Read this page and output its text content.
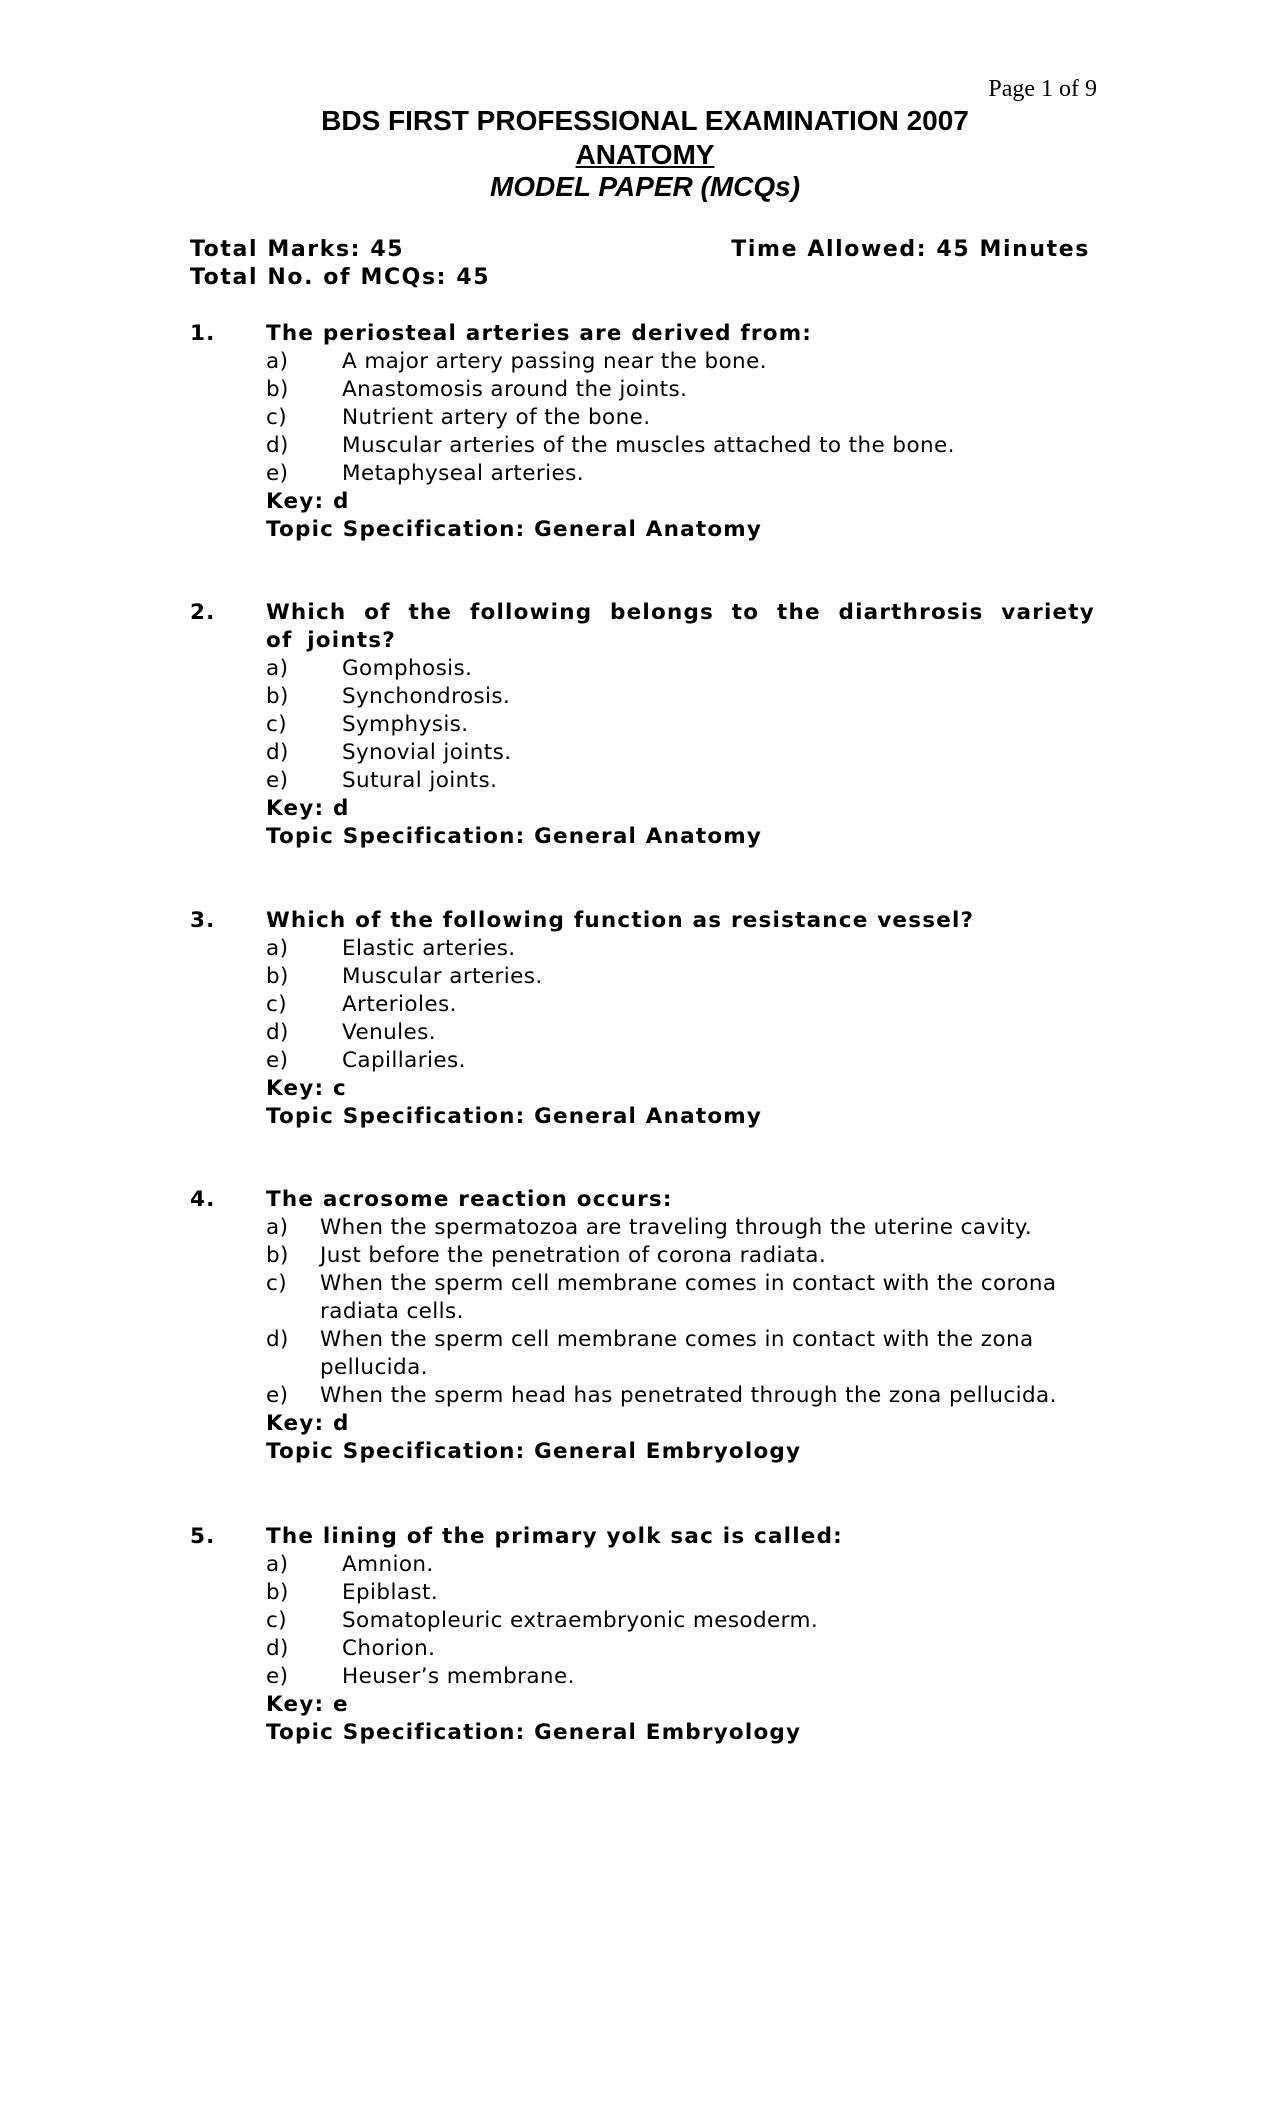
Page 1 of 9
BDS FIRST PROFESSIONAL EXAMINATION 2007
ANATOMY
MODEL PAPER (MCQs)
Total Marks: 45	Time Allowed: 45 Minutes
Total No. of MCQs: 45
1. The periosteal arteries are derived from:
a) A major artery passing near the bone.
b) Anastomosis around the joints.
c)	Nutrient artery of the bone.
d) Muscular arteries of the muscles attached to the bone.
e) Metaphyseal arteries.
Key: d
Topic Specification: General Anatomy
2. Which of the following belongs to the diarthrosis variety of joints?
a) Gomphosis.
b) Synchondrosis.
c)	Symphysis.
d) Synovial joints.
e) Sutural joints.
Key: d
Topic Specification: General Anatomy
3. Which of the following function as resistance vessel?
a) Elastic arteries.
b) Muscular arteries.
c)	Arterioles.
d) Venules.
e) Capillaries.
Key: c
Topic Specification: General Anatomy
4. The acrosome reaction occurs:
a) When the spermatozoa are traveling through the uterine cavity.
b) Just before the penetration of corona radiata.
c) When the sperm cell membrane comes in contact with the corona radiata cells.
d) When the sperm cell membrane comes in contact with the zona pellucida.
e) When the sperm head has penetrated through the zona pellucida.
Key: d
Topic Specification: General Embryology
5. The lining of the primary yolk sac is called:
a) Amnion.
b) Epiblast.
c)	Somatopleuric extraembryonic mesoderm.
d) Chorion.
e) Heuser’s membrane.
Key: e
Topic Specification: General Embryology
